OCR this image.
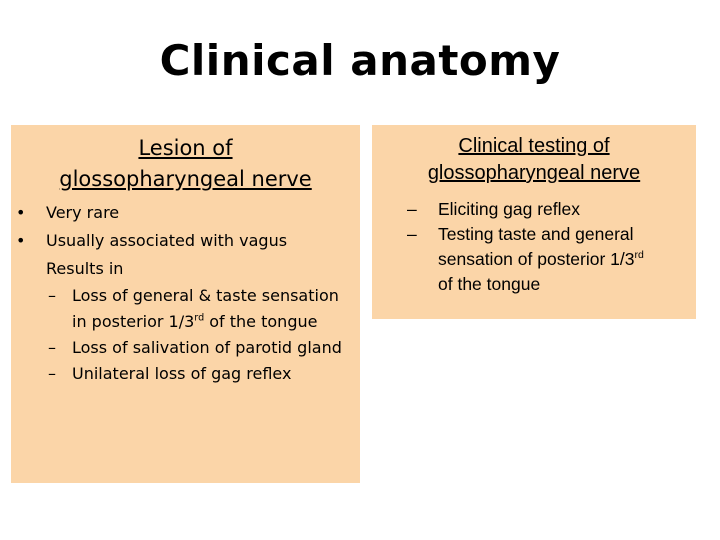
Clinical anatomy
Lesion of
glossopharyngeal nerve
• Very rare
• Usually associated with vagus
Results in
– Loss of general & taste sensation
in posterior 1/3rd of the tongue
– Loss of salivation of parotid gland
– Unilateral loss of gag reflex
Clinical testing of
glossopharyngeal nerve
– Eliciting gag reflex
– Testing taste and general
sensation of posterior 1/3rd
of the tongue
